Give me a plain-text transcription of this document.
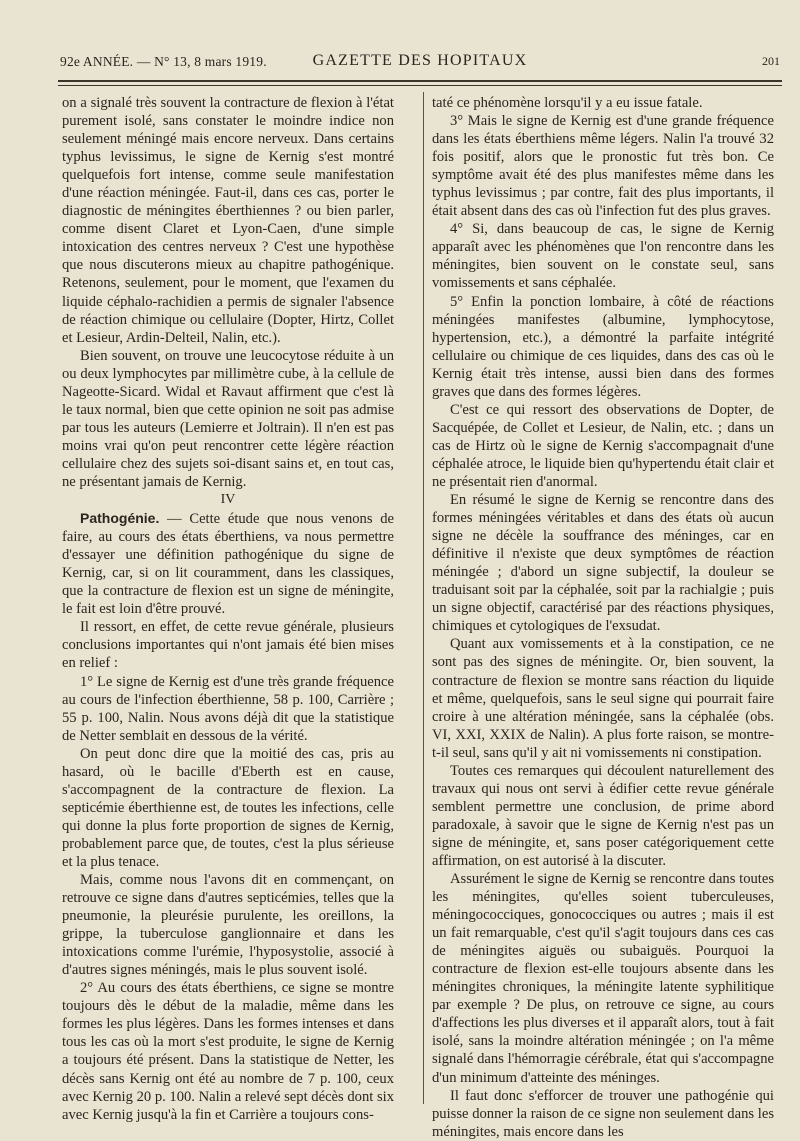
92e ANNÉE. — N° 13, 8 mars 1919.	GAZETTE DES HOPITAUX	201

on a signalé très souvent la contracture de flexion à l'état purement isolé, sans constater le moindre indice non seulement méningé mais encore nerveux. Dans certains typhus levissimus, le signe de Kernig s'est montré quelquefois fort intense, comme seule manifestation d'une réaction méningée. Faut-il, dans ces cas, porter le diagnostic de méningites éberthiennes ? ou bien parler, comme disent Claret et Lyon-Caen, d'une simple intoxication des centres nerveux ? C'est une hypothèse que nous discuterons mieux au chapitre pathogénique. Retenons, seulement, pour le moment, que l'examen du liquide céphalo-rachidien a permis de signaler l'absence de réaction chimique ou cellulaire (Dopter, Hirtz, Collet et Lesieur, Ardin-Delteil, Nalin, etc.).

Bien souvent, on trouve une leucocytose réduite à un ou deux lymphocytes par millimètre cube, à la cellule de Nageotte-Sicard. Widal et Ravaut affirment que c'est là le taux normal, bien que cette opinion ne soit pas admise par tous les auteurs (Lemierre et Joltrain). Il n'en est pas moins vrai qu'on peut rencontrer cette légère réaction cellulaire chez des sujets soi-disant sains et, en tout cas, ne présentant jamais de Kernig.

IV

Pathogénie. — Cette étude que nous venons de faire, au cours des états éberthiens, va nous permettre d'essayer une définition pathogénique du signe de Kernig, car, si on lit couramment, dans les classiques, que la contracture de flexion est un signe de méningite, le fait est loin d'être prouvé.

Il ressort, en effet, de cette revue générale, plusieurs conclusions importantes qui n'ont jamais été bien mises en relief :

1° Le signe de Kernig est d'une très grande fréquence au cours de l'infection éberthienne, 58 p. 100, Carrière ; 55 p. 100, Nalin. Nous avons déjà dit que la statistique de Netter semblait en dessous de la vérité.

On peut donc dire que la moitié des cas, pris au hasard, où le bacille d'Eberth est en cause, s'accompagnent de la contracture de flexion. La septicémie éberthienne est, de toutes les infections, celle qui donne la plus forte proportion de signes de Kernig, probablement parce que, de toutes, c'est la plus sérieuse et la plus tenace.

Mais, comme nous l'avons dit en commençant, on retrouve ce signe dans d'autres septicémies, telles que la pneumonie, la pleurésie purulente, les oreillons, la grippe, la tuberculose ganglionnaire et dans les intoxications comme l'urémie, l'hyposystolie, associé à d'autres signes méningés, mais le plus souvent isolé.

2° Au cours des états éberthiens, ce signe se montre toujours dès le début de la maladie, même dans les formes les plus légères. Dans les formes intenses et dans tous les cas où la mort s'est produite, le signe de Kernig a toujours été présent. Dans la statistique de Netter, les décès sans Kernig ont été au nombre de 7 p. 100, ceux avec Kernig 20 p. 100. Nalin a relevé sept décès dont six avec Kernig jusqu'à la fin et Carrière a toujours cons-

taté ce phénomène lorsqu'il y a eu issue fatale.

3° Mais le signe de Kernig est d'une grande fréquence dans les états éberthiens même légers. Nalin l'a trouvé 32 fois positif, alors que le pronostic fut très bon. Ce symptôme avait été des plus manifestes même dans les typhus levissimus ; par contre, fait des plus importants, il était absent dans des cas où l'infection fut des plus graves.

4° Si, dans beaucoup de cas, le signe de Kernig apparaît avec les phénomènes que l'on rencontre dans les méningites, bien souvent on le constate seul, sans vomissements et sans céphalée.

5° Enfin la ponction lombaire, à côté de réactions méningées manifestes (albumine, lymphocytose, hypertension, etc.), a démontré la parfaite intégrité cellulaire ou chimique de ces liquides, dans des cas où le Kernig était très intense, aussi bien dans des formes graves que dans des formes légères.

C'est ce qui ressort des observations de Dopter, de Sacquépée, de Collet et Lesieur, de Nalin, etc. ; dans un cas de Hirtz où le signe de Kernig s'accompagnait d'une céphalée atroce, le liquide bien qu'hypertendu était clair et ne présentait rien d'anormal.

En résumé le signe de Kernig se rencontre dans des formes méningées véritables et dans des états où aucun signe ne décèle la souffrance des méninges, car en définitive il n'existe que deux symptômes de réaction méningée ; d'abord un signe subjectif, la douleur se traduisant soit par la céphalée, soit par la rachialgie ; puis un signe objectif, caractérisé par des réactions physiques, chimiques et cytologiques de l'exsudat.

Quant aux vomissements et à la constipation, ce ne sont pas des signes de méningite. Or, bien souvent, la contracture de flexion se montre sans réaction du liquide et même, quelquefois, sans le seul signe qui pourrait faire croire à une altération méningée, sans la céphalée (obs. VI, XXI, XXIX de Nalin). A plus forte raison, se montre-t-il seul, sans qu'il y ait ni vomissements ni constipation.

Toutes ces remarques qui découlent naturellement des travaux qui nous ont servi à édifier cette revue générale semblent permettre une conclusion, de prime abord paradoxale, à savoir que le signe de Kernig n'est pas un signe de méningite, et, sans poser catégoriquement cette affirmation, on est autorisé à la discuter.

Assurément le signe de Kernig se rencontre dans toutes les méningites, qu'elles soient tuberculeuses, méningococciques, gonococciques ou autres ; mais il est un fait remarquable, c'est qu'il s'agit toujours dans ces cas de méningites aiguës ou subaiguës. Pourquoi la contracture de flexion est-elle toujours absente dans les méningites chroniques, la méningite latente syphilitique par exemple ? De plus, on retrouve ce signe, au cours d'affections les plus diverses et il apparaît alors, tout à fait isolé, sans la moindre altération méningée ; on l'a même signalé dans l'hémorragie cérébrale, état qui s'accompagne d'un minimum d'atteinte des méninges.

Il faut donc s'efforcer de trouver une pathogénie qui puisse donner la raison de ce signe non seulement dans les méningites, mais encore dans les
